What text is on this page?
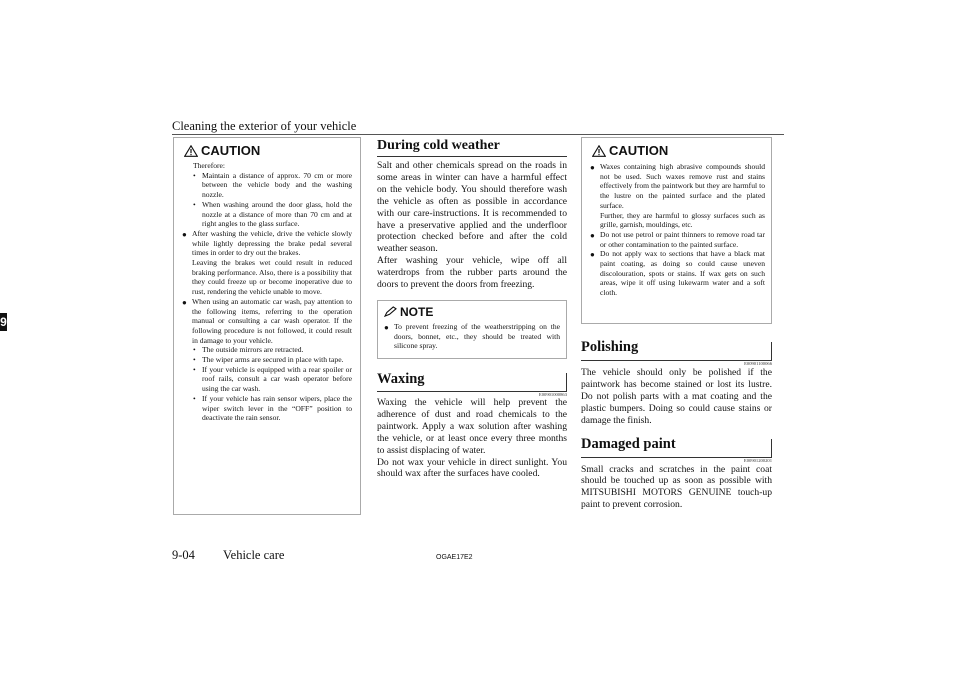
Cleaning the exterior of your vehicle
9
CAUTION
Therefore:
• Maintain a distance of approx. 70 cm or more between the vehicle body and the washing nozzle.
• When washing around the door glass, hold the nozzle at a distance of more than 70 cm and at right angles to the glass surface.
● After washing the vehicle, drive the vehicle slowly while lightly depressing the brake pedal several times in order to dry out the brakes.
Leaving the brakes wet could result in reduced braking performance. Also, there is a possibility that they could freeze up or become inoperative due to rust, rendering the vehicle unable to move.
● When using an automatic car wash, pay attention to the following items, referring to the operation manual or consulting a car wash operator. If the following procedure is not followed, it could result in damage to your vehicle.
• The outside mirrors are retracted.
• The wiper arms are secured in place with tape.
• If your vehicle is equipped with a rear spoiler or roof rails, consult a car wash operator before using the car wash.
• If your vehicle has rain sensor wipers, place the wiper switch lever in the “OFF” position to deactivate the rain sensor.
During cold weather
Salt and other chemicals spread on the roads in some areas in winter can have a harmful effect on the vehicle body. You should therefore wash the vehicle as often as possible in accordance with our care-instructions. It is recommended to have a preservative applied and the underfloor protection checked before and after the cold weather season.
After washing your vehicle, wipe off all waterdrops from the rubber parts around the doors to prevent the doors from freezing.
NOTE
● To prevent freezing of the weatherstripping on the doors, bonnet, etc., they should be treated with silicone spray.
Waxing
E00901000863
Waxing the vehicle will help prevent the adherence of dust and road chemicals to the paintwork. Apply a wax solution after washing the vehicle, or at least once every three months to assist displacing of water.
Do not wax your vehicle in direct sunlight. You should wax after the surfaces have cooled.
CAUTION
● Waxes containing high abrasive compounds should not be used. Such waxes remove rust and stains effectively from the paintwork but they are harmful to the lustre on the painted surface and the plated surface.
Further, they are harmful to glossy surfaces such as grille, garnish, mouldings, etc.
● Do not use petrol or paint thinners to remove road tar or other contamination to the painted surface.
● Do not apply wax to sections that have a black mat paint coating, as doing so could cause uneven discolouration, spots or stains. If wax gets on such areas, wipe it off using lukewarm water and a soft cloth.
Polishing
E00901100066
The vehicle should only be polished if the paintwork has become stained or lost its lustre. Do not polish parts with a mat coating and the plastic bumpers. Doing so could cause stains or damage the finish.
Damaged paint
E00901200201
Small cracks and scratches in the paint coat should be touched up as soon as possible with MITSUBISHI MOTORS GENUINE touch-up paint to prevent corrosion.
9-04 Vehicle care	OGAE17E2
